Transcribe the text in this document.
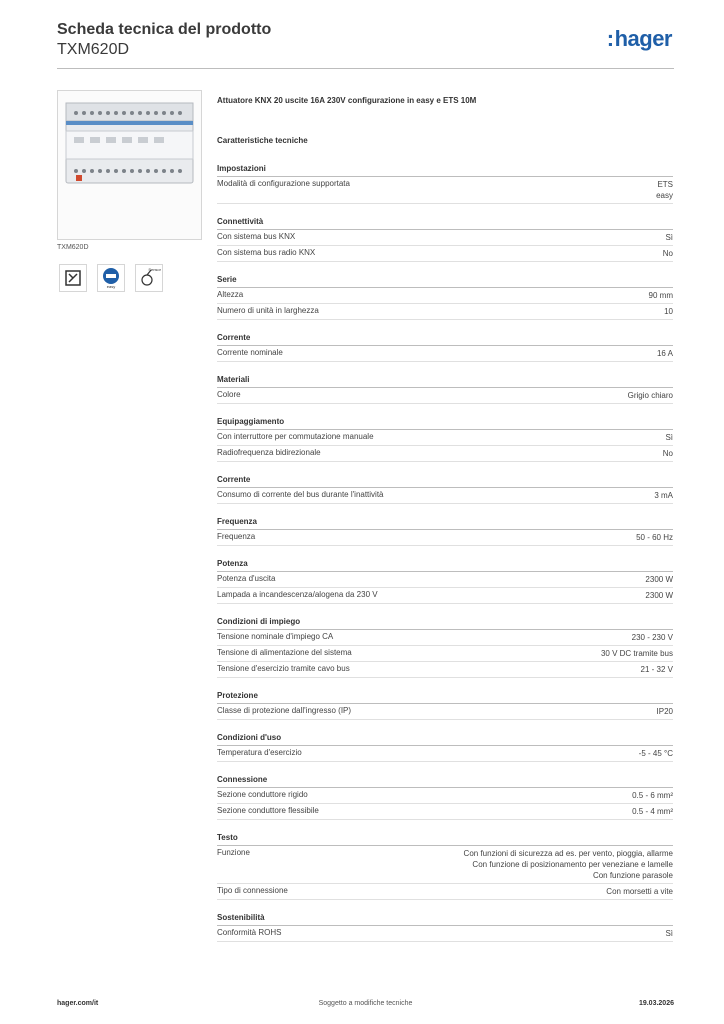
Scheda tecnica del prodotto
TXM620D	:hager
TXM620D
easy
Sensor
Attuatore KNX 20 uscite 16A 230V configurazione in easy e ETS 10M
Caratteristiche tecniche
Impostazioni
Modalità di configurazione supportata	ETS
easy
Connettività
Con sistema bus KNX	Sì
Con sistema bus radio KNX	No
Serie
Altezza	90 mm
Numero di unità in larghezza	10
Corrente
Corrente nominale	16 A
Materiali
Colore	Grigio chiaro
Equipaggiamento
Con interruttore per commutazione manuale	Sì
Radiofrequenza bidirezionale	No
Corrente
Consumo di corrente del bus durante l'inattività	3 mA
Frequenza
Frequenza	50 - 60 Hz
Potenza
Potenza d'uscita	2300 W
Lampada a incandescenza/alogena da 230 V	2300 W
Condizioni di impiego
Tensione nominale d'impiego CA	230 - 230 V
Tensione di alimentazione del sistema	30 V DC tramite bus
Tensione d'esercizio tramite cavo bus	21 - 32 V
Protezione
Classe di protezione dall'ingresso (IP)	IP20
Condizioni d'uso
Temperatura d'esercizio	-5 - 45 °C
Connessione
Sezione conduttore rigido	0.5 - 6 mm²
Sezione conduttore flessibile	0.5 - 4 mm²
Testo
Funzione	Con funzioni di sicurezza ad es. per vento, pioggia, allarme
Con funzione di posizionamento per veneziane e lamelle
Con funzione parasole
Tipo di connessione	Con morsetti a vite
Sostenibilità
Conformità ROHS	Sì
hager.com/it	Soggetto a modifiche tecniche	19.03.2026
